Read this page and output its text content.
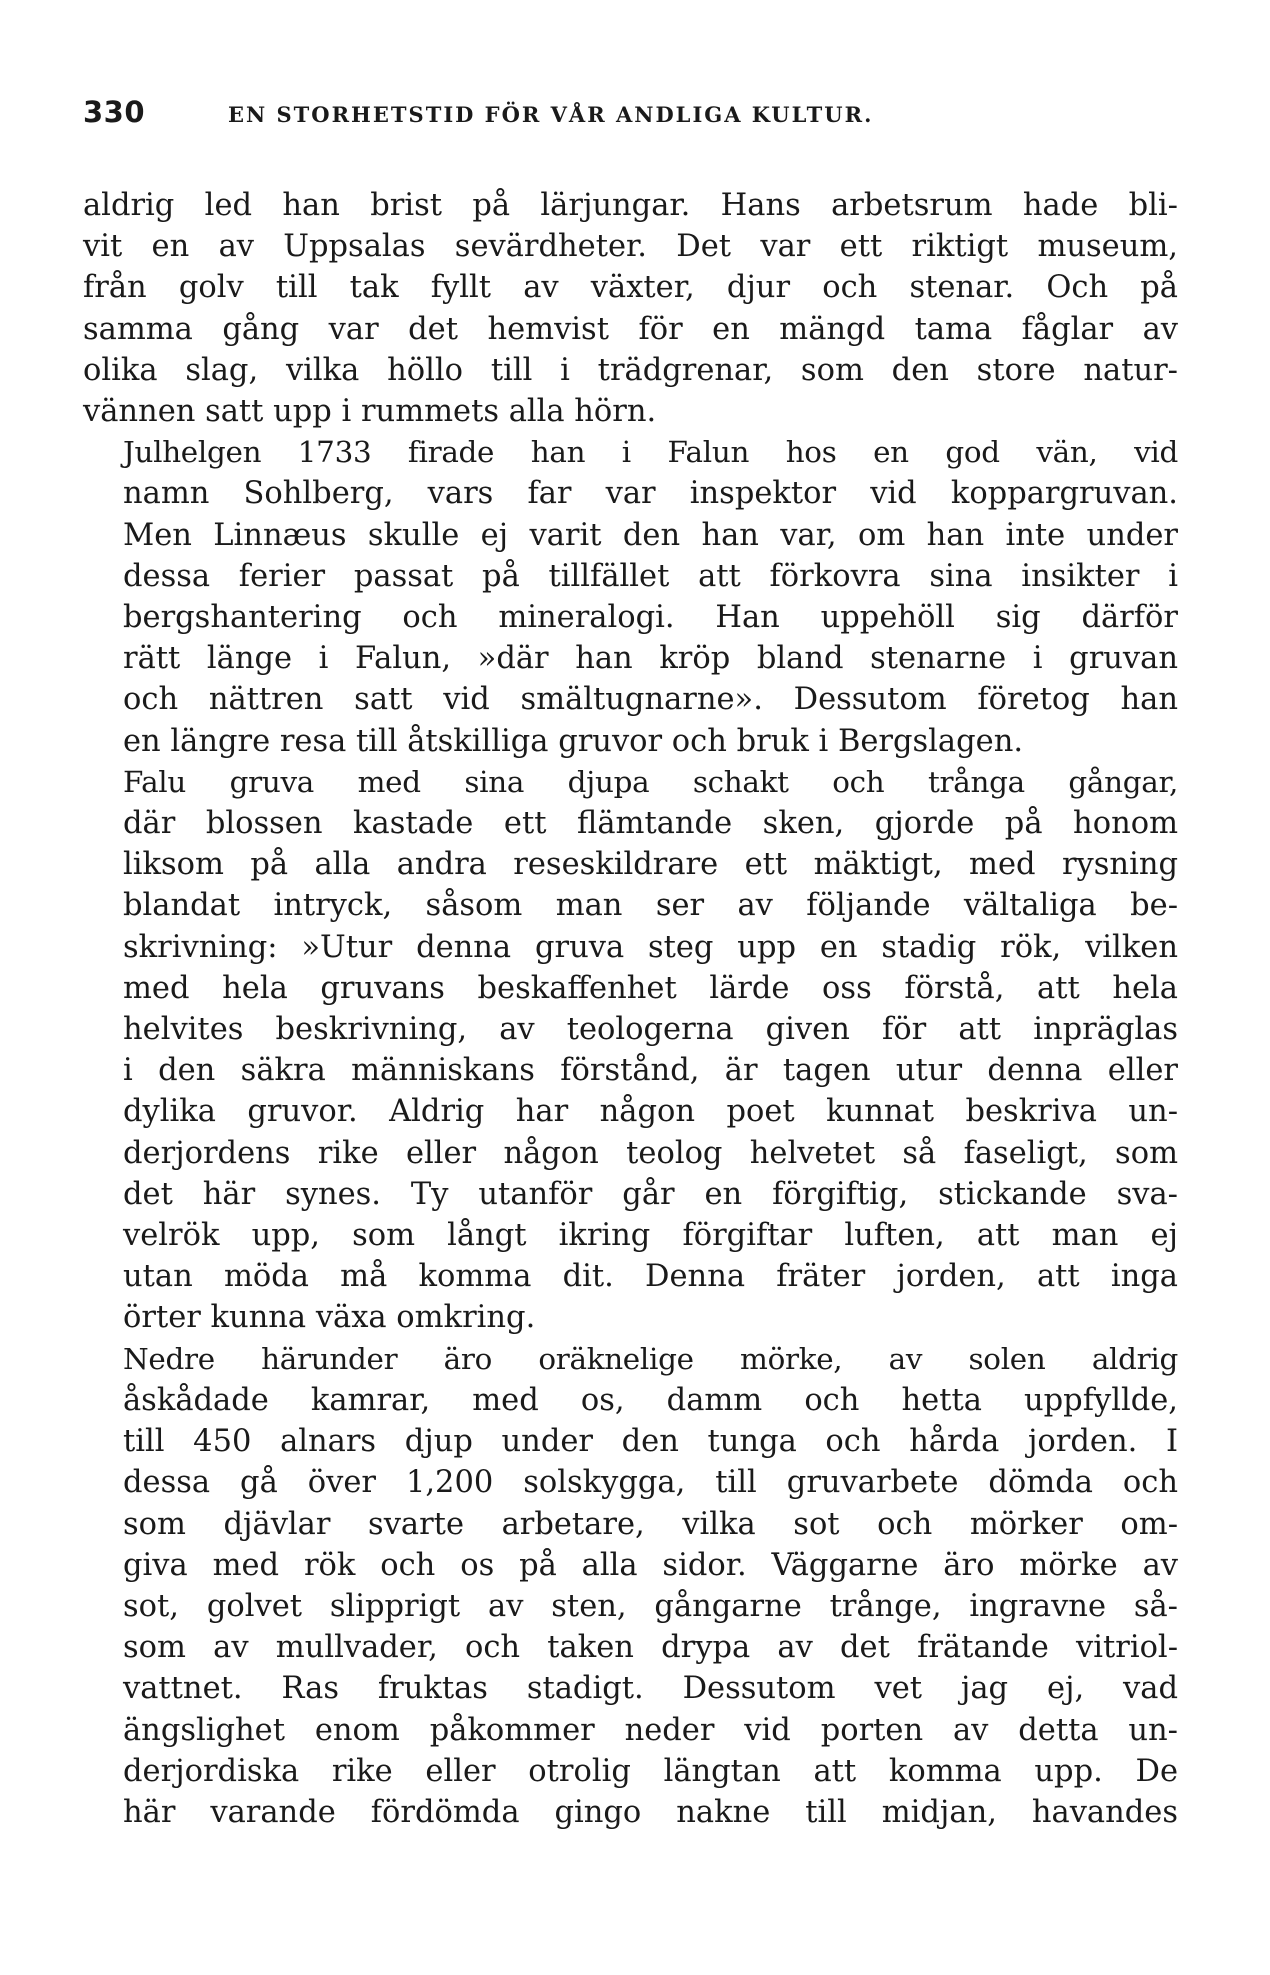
330	EN STORHETSTID FÖR VÅR ANDLIGA KULTUR.

aldrig led han brist på lärjungar. Hans arbetsrum hade bli-
vit en av Uppsalas sevärdheter. Det var ett riktigt museum,
från golv till tak fyllt av växter, djur och stenar. Och på
samma gång var det hemvist för en mängd tama fåglar av
olika slag, vilka höllo till i trädgrenar, som den store natur-
vännen satt upp i rummets alla hörn.

Julhelgen 1733 firade han i Falun hos en god vän, vid
namn Sohlberg, vars far var inspektor vid koppargruvan.
Men Linnæus skulle ej varit den han var, om han inte under
dessa ferier passat på tillfället att förkovra sina insikter i
bergshantering och mineralogi. Han uppehöll sig därför
rätt länge i Falun, »där han kröp bland stenarne i gruvan
och nättren satt vid smältugnarne». Dessutom företog han
en längre resa till åtskilliga gruvor och bruk i Bergslagen.

Falu gruva med sina djupa schakt och trånga gångar,
där blossen kastade ett flämtande sken, gjorde på honom
liksom på alla andra reseskildrare ett mäktigt, med rysning
blandat intryck, såsom man ser av följande vältaliga be-
skrivning: »Utur denna gruva steg upp en stadig rök, vilken
med hela gruvans beskaffenhet lärde oss förstå, att hela
helvites beskrivning, av teologerna given för att inpräglas
i den säkra människans förstånd, är tagen utur denna eller
dylika gruvor. Aldrig har någon poet kunnat beskriva un-
derjordens rike eller någon teolog helvetet så faseligt, som
det här synes. Ty utanför går en förgiftig, stickande sva-
velrök upp, som långt ikring förgiftar luften, att man ej
utan möda må komma dit. Denna fräter jorden, att inga
örter kunna växa omkring.

Nedre härunder äro oräknelige mörke, av solen aldrig
åskådade kamrar, med os, damm och hetta uppfyllde,
till 450 alnars djup under den tunga och hårda jorden. I
dessa gå över 1,200 solskygga, till gruvarbete dömda och
som djävlar svarte arbetare, vilka sot och mörker om-
giva med rök och os på alla sidor. Väggarne äro mörke av
sot, golvet slipprigt av sten, gångarne trånge, ingravne så-
som av mullvader, och taken drypa av det frätande vitriol-
vattnet. Ras fruktas stadigt. Dessutom vet jag ej, vad
ängslighet enom påkommer neder vid porten av detta un-
derjordiska rike eller otrolig längtan att komma upp. De
här varande fördömda gingo nakne till midjan, havandes
